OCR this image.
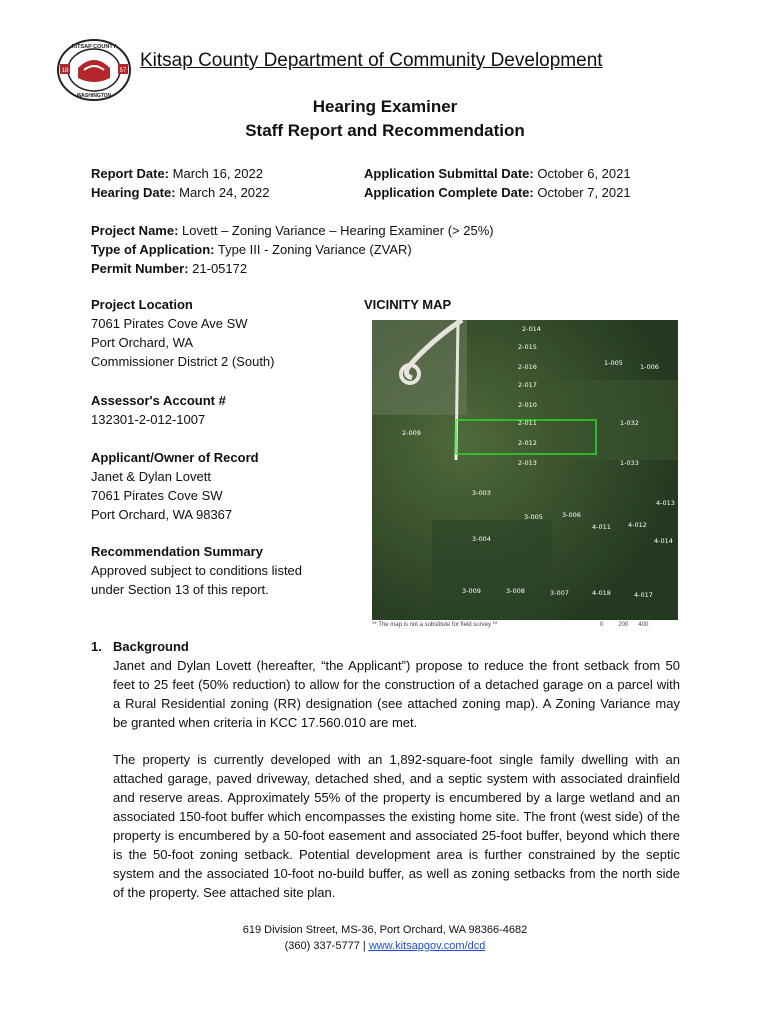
18	57
KITSAP COUNTY
WASHINGTON
Kitsap County Department of Community Development
Hearing Examiner
Staff Report and Recommendation
Report Date: March 16, 2022
Hearing Date: March 24, 2022
Application Submittal Date: October 6, 2021
Application Complete Date: October 7, 2021
Project Name: Lovett – Zoning Variance – Hearing Examiner (> 25%)
Type of Application: Type III - Zoning Variance (ZVAR)
Permit Number: 21-05172
Project Location
7061 Pirates Cove Ave SW
Port Orchard, WA
Commissioner District 2 (South)
Assessor's Account #
132301-2-012-1007
Applicant/Owner of Record
Janet & Dylan Lovett
7061 Pirates Cove SW
Port Orchard, WA 98367
Recommendation Summary
Approved subject to conditions listed
under Section 13 of this report.
VICINITY MAP
2-014
2-015
2-016	1-005	1-006
2-017
2-010
2-011	1-032
2-009
2-012
2-013	1-033
3-003
4-013
3-005	3-006
4-011	4-012
3-004	4-014
3-009	3-008	3-007	4-018	4-017
** The map is not a substitute for field survey **	0	200 400
1. Background
Janet and Dylan Lovett (hereafter, “the Applicant”) propose to reduce the front setback from 50 feet to 25 feet (50% reduction) to allow for the construction of a detached garage on a parcel with a Rural Residential zoning (RR) designation (see attached zoning map). A Zoning Variance may be granted when criteria in KCC 17.560.010 are met.
The property is currently developed with an 1,892-square-foot single family dwelling with an attached garage, paved driveway, detached shed, and a septic system with associated drainfield and reserve areas. Approximately 55% of the property is encumbered by a large wetland and an associated 150-foot buffer which encompasses the existing home site. The front (west side) of the property is encumbered by a 50-foot easement and associated 25-foot buffer, beyond which there is the 50-foot zoning setback. Potential development area is further constrained by the septic system and the associated 10-foot no-build buffer, as well as zoning setbacks from the north side of the property. See attached site plan.
619 Division Street, MS-36, Port Orchard, WA 98366-4682
(360) 337-5777 | www.kitsapgov.com/dcd
